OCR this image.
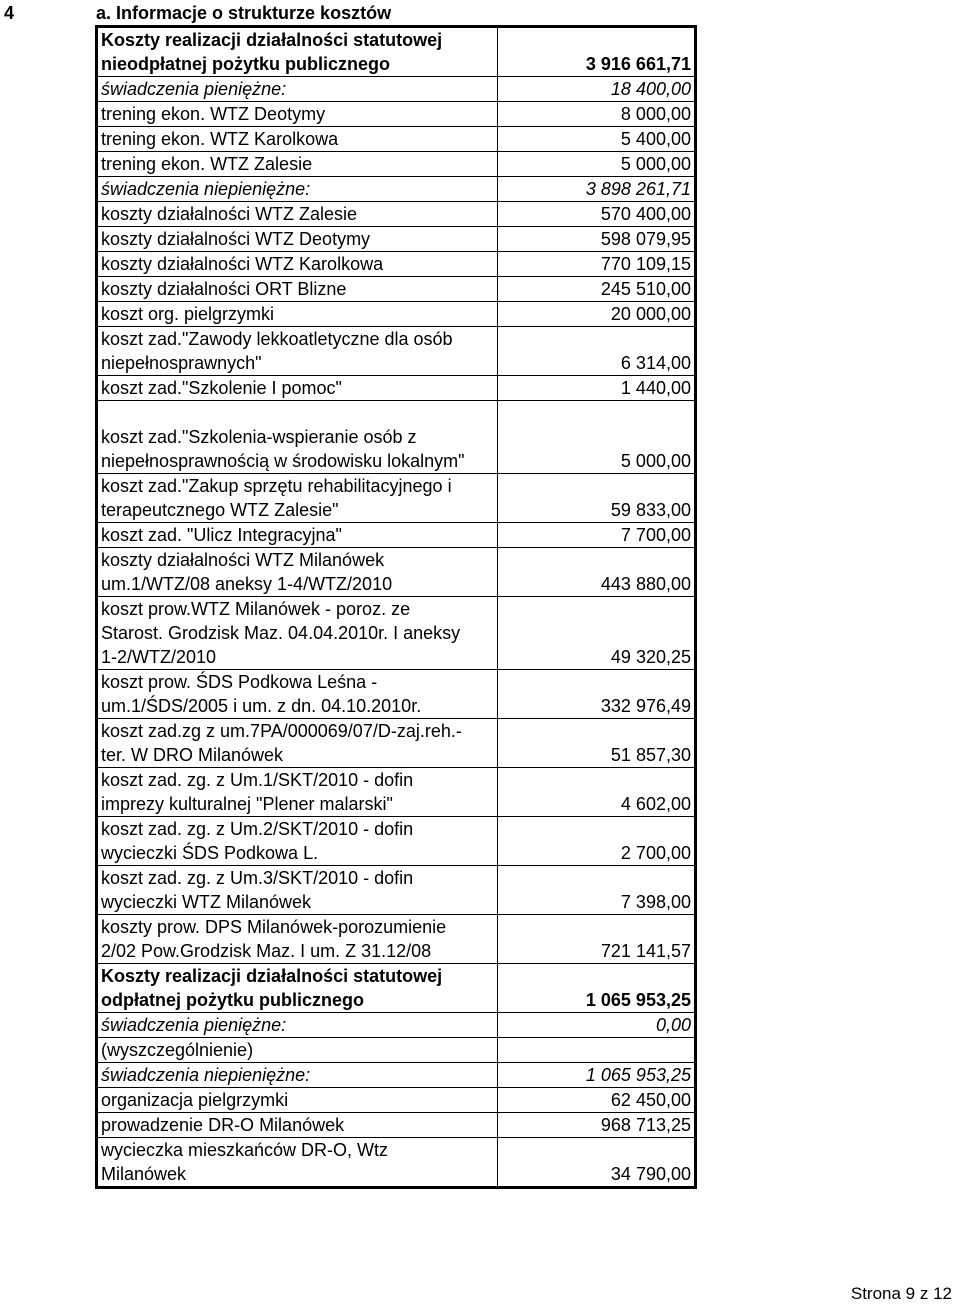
4	a. Informacje o strukturze kosztów
Koszty realizacji działalności statutowej
nieodpłatnej pożytku publicznego	3 916 661,71

świadczenia pieniężne:	18 400,00

trening ekon. WTZ Deotymy	8 000,00

trening ekon. WTZ Karolkowa	5 400,00

trening ekon. WTZ Zalesie	5 000,00

świadczenia niepieniężne:	3 898 261,71

koszty działalności WTZ Zalesie	570 400,00

koszty działalności WTZ Deotymy	598 079,95

koszty działalności WTZ Karolkowa	770 109,15

koszty działalności ORT Blizne	245 510,00

koszt org. pielgrzymki	20 000,00

koszt zad."Zawody lekkoatletyczne dla osób
niepełnosprawnych"	6 314,00

koszt zad."Szkolenie I pomoc"	1 440,00

koszt zad."Szkolenia-wspieranie osób z
niepełnosprawnością w środowisku lokalnym"	5 000,00

koszt zad."Zakup sprzętu rehabilitacyjnego i
terapeutcznego WTZ Zalesie"	59 833,00

koszt zad. "Ulicz Integracyjna"	7 700,00

koszty działalności WTZ Milanówek
um.1/WTZ/08 aneksy 1-4/WTZ/2010	443 880,00

koszt prow.WTZ Milanówek - poroz. ze
Starost. Grodzisk Maz. 04.04.2010r. I aneksy
1-2/WTZ/2010	49 320,25

koszt prow. ŚDS Podkowa Leśna -
um.1/ŚDS/2005 i um. z dn. 04.10.2010r.	332 976,49

koszt zad.zg z um.7PA/000069/07/D-zaj.reh.-
ter. W DRO Milanówek	51 857,30

koszt zad. zg. z Um.1/SKT/2010 - dofin
imprezy kulturalnej "Plener malarski"	4 602,00

koszt zad. zg. z Um.2/SKT/2010 - dofin
wycieczki ŚDS Podkowa L.	2 700,00

koszt zad. zg. z Um.3/SKT/2010 - dofin
wycieczki WTZ Milanówek	7 398,00

koszty prow. DPS Milanówek-porozumienie
2/02 Pow.Grodzisk Maz. I um. Z 31.12/08	721 141,57

Koszty realizacji działalności statutowej
odpłatnej pożytku publicznego	1 065 953,25

świadczenia pieniężne:	0,00

(wyszczególnienie)	

świadczenia niepieniężne:	1 065 953,25

organizacja pielgrzymki	62 450,00

prowadzenie DR-O Milanówek	968 713,25

wycieczka mieszkańców DR-O, Wtz
Milanówek	34 790,00
Strona 9 z 12
